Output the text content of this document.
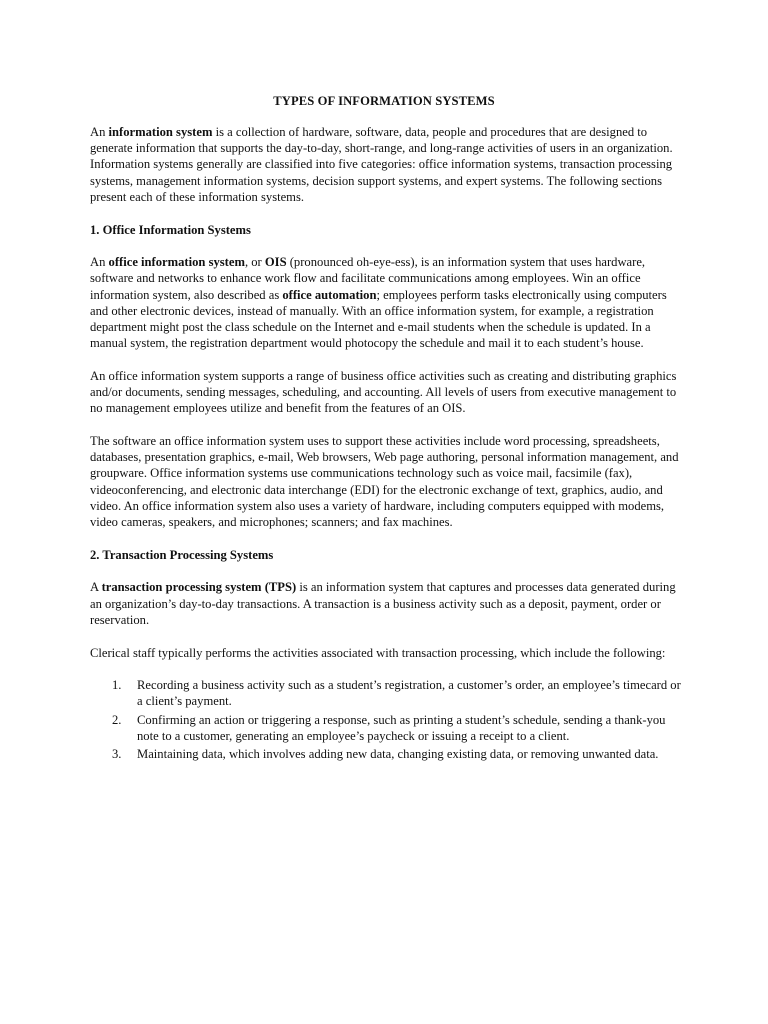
TYPES OF INFORMATION SYSTEMS

An information system is a collection of hardware, software, data, people and procedures that are designed to generate information that supports the day-to-day, short-range, and long-range activities of users in an organization. Information systems generally are classified into five categories: office information systems, transaction processing systems, management information systems, decision support systems, and expert systems. The following sections present each of these information systems.

1. Office Information Systems

An office information system, or OIS (pronounced oh-eye-ess), is an information system that uses hardware, software and networks to enhance work flow and facilitate communications among employees. Win an office information system, also described as office automation; employees perform tasks electronically using computers and other electronic devices, instead of manually. With an office information system, for example, a registration department might post the class schedule on the Internet and e-mail students when the schedule is updated. In a manual system, the registration department would photocopy the schedule and mail it to each student’s house.

An office information system supports a range of business office activities such as creating and distributing graphics and/or documents, sending messages, scheduling, and accounting. All levels of users from executive management to no management employees utilize and benefit from the features of an OIS.

The software an office information system uses to support these activities include word processing, spreadsheets, databases, presentation graphics, e-mail, Web browsers, Web page authoring, personal information management, and groupware. Office information systems use communications technology such as voice mail, facsimile (fax), videoconferencing, and electronic data interchange (EDI) for the electronic exchange of text, graphics, audio, and video. An office information system also uses a variety of hardware, including computers equipped with modems, video cameras, speakers, and microphones; scanners; and fax machines.

2. Transaction Processing Systems

A transaction processing system (TPS) is an information system that captures and processes data generated during an organization’s day-to-day transactions. A transaction is a business activity such as a deposit, payment, order or reservation.

Clerical staff typically performs the activities associated with transaction processing, which include the following:

1. Recording a business activity such as a student’s registration, a customer’s order, an employee’s timecard or a client’s payment.
2. Confirming an action or triggering a response, such as printing a student’s schedule, sending a thank-you note to a customer, generating an employee’s paycheck or issuing a receipt to a client.
3. Maintaining data, which involves adding new data, changing existing data, or removing unwanted data.
